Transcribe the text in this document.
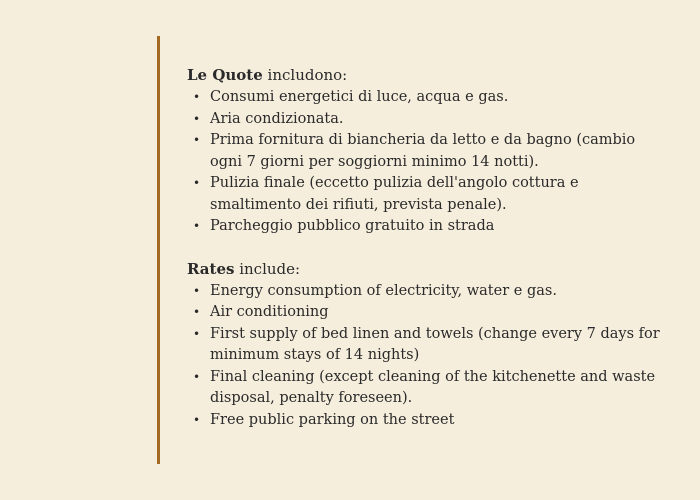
Le Quote includono:
• Consumi energetici di luce, acqua e gas.
• Aria condizionata.
• Prima fornitura di biancheria da letto e da bagno (cambio ogni 7 giorni per soggiorni minimo 14 notti).
• Pulizia finale (eccetto pulizia dell'angolo cottura e smaltimento dei rifiuti, prevista penale).
• Parcheggio pubblico gratuito in strada
Rates include:
• Energy consumption of electricity, water e gas.
• Air conditioning
• First supply of bed linen and towels (change every 7 days for minimum stays of 14 nights)
• Final cleaning (except cleaning of the kitchenette and waste disposal, penalty foreseen).
• Free public parking on the street
